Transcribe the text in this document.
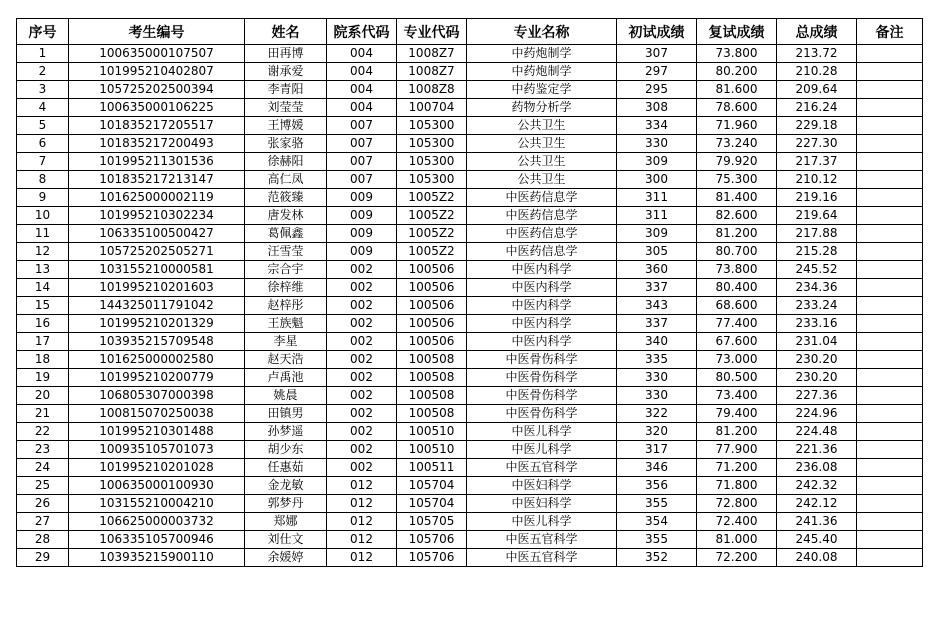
序号	考生编号	姓名	院系代码	专业代码	专业名称	初试成绩	复试成绩	总成绩	备注
1	100635000107507	田再博	004	1008Z7	中药炮制学	307	73.800	213.72	
2	101995210402807	谢承爱	004	1008Z7	中药炮制学	297	80.200	210.28	
3	105725202500394	李青阳	004	1008Z8	中药鉴定学	295	81.600	209.64	
4	100635000106225	刘莹莹	004	100704	药物分析学	308	78.600	216.24	
5	101835217205517	王博媛	007	105300	公共卫生	334	71.960	229.18	
6	101835217200493	张家骆	007	105300	公共卫生	330	73.240	227.30	
7	101995211301536	徐赫阳	007	105300	公共卫生	309	79.920	217.37	
8	101835217213147	高仁凤	007	105300	公共卫生	300	75.300	210.12	
9	101625000002119	范筱臻	009	1005Z2	中医药信息学	311	81.400	219.16	
10	101995210302234	唐发林	009	1005Z2	中医药信息学	311	82.600	219.64	
11	106335100500427	葛佩鑫	009	1005Z2	中医药信息学	309	81.200	217.88	
12	105725202505271	汪雪莹	009	1005Z2	中医药信息学	305	80.700	215.28	
13	103155210000581	宗合宇	002	100506	中医内科学	360	73.800	245.52	
14	101995210201603	徐梓维	002	100506	中医内科学	337	80.400	234.36	
15	144325011791042	赵梓彤	002	100506	中医内科学	343	68.600	233.24	
16	101995210201329	王族魁	002	100506	中医内科学	337	77.400	233.16	
17	103935215709548	李星	002	100506	中医内科学	340	67.600	231.04	
18	101625000002580	赵天浩	002	100508	中医骨伤科学	335	73.000	230.20	
19	101995210200779	卢禹池	002	100508	中医骨伤科学	330	80.500	230.20	
20	106805307000398	姚晨	002	100508	中医骨伤科学	330	73.400	227.36	
21	100815070250038	田镇男	002	100508	中医骨伤科学	322	79.400	224.96	
22	101995210301488	孙梦遥	002	100510	中医儿科学	320	81.200	224.48	
23	100935105701073	胡少东	002	100510	中医儿科学	317	77.900	221.36	
24	101995210201028	任惠茹	002	100511	中医五官科学	346	71.200	236.08	
25	100635000100930	金龙敏	012	105704	中医妇科学	356	71.800	242.32	
26	103155210004210	郭梦丹	012	105704	中医妇科学	355	72.800	242.12	
27	106625000003732	郑娜	012	105705	中医儿科学	354	72.400	241.36	
28	106335105700946	刘仕文	012	105706	中医五官科学	355	81.000	245.40	
29	103935215900110	余媛婷	012	105706	中医五官科学	352	72.200	240.08	
